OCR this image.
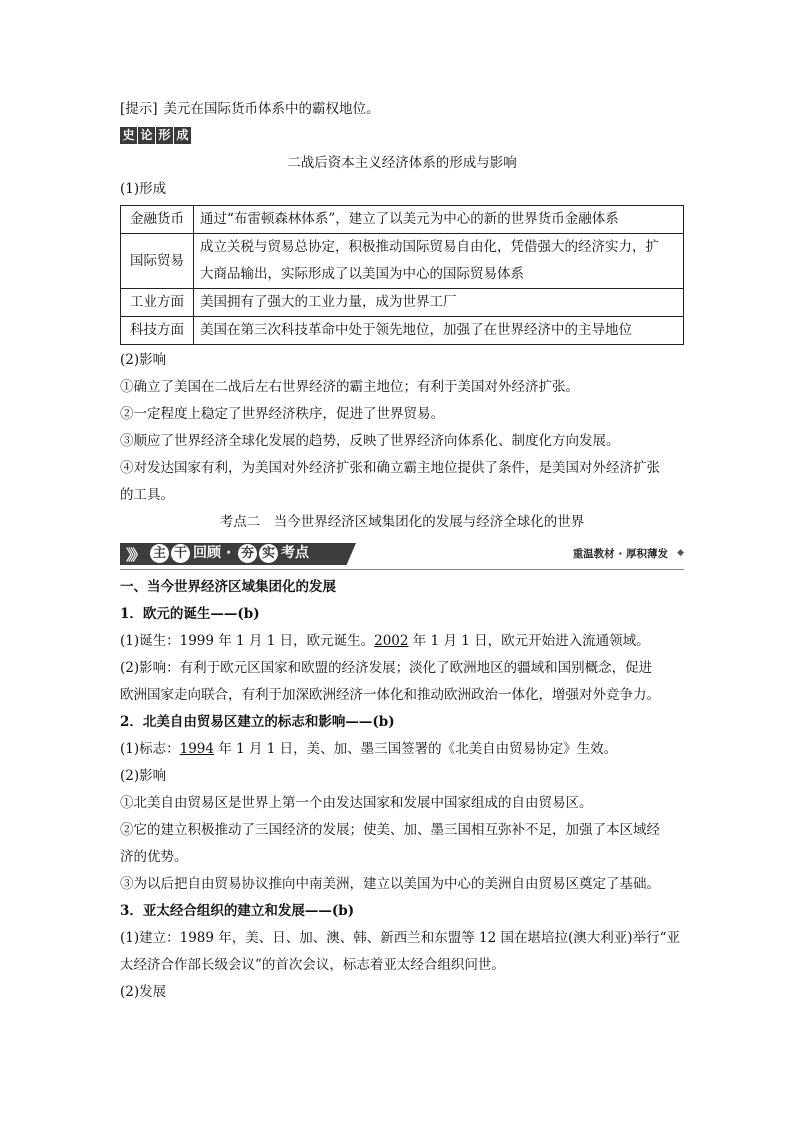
[提示] 美元在国际货币体系中的霸权地位。
史 论 形 成
二战后资本主义经济体系的形成与影响
(1)形成
金融货币	通过“布雷顿森林体系”，建立了以美元为中心的新的世界货币金融体系
国际贸易	成立关税与贸易总协定，积极推动国际贸易自由化，凭借强大的经济实力，扩
大商品输出，实际形成了以美国为中心的国际贸易体系

工业方面	美国拥有了强大的工业力量，成为世界工厂
科技方面	美国在第三次科技革命中处于领先地位，加强了在世界经济中的主导地位
(2)影响
①确立了美国在二战后左右世界经济的霸主地位；有利于美国对外经济扩张。
②一定程度上稳定了世界经济秩序，促进了世界贸易。
③顺应了世界经济全球化发展的趋势，反映了世界经济向体系化、制度化方向发展。
④对发达国家有利，为美国对外经济扩张和确立霸主地位提供了条件，是美国对外经济扩张
的工具。
考点二　当今世界经济区域集团化的发展与经济全球化的世界
》》 主 干 回顾 · 夯 实 考点	重温教材 · 厚积薄发 ◆
一、当今世界经济区域集团化的发展
1．欧元的诞生——(b)
(1)诞生：1999 年 1 月 1 日，欧元诞生。2002 年 1 月 1 日，欧元开始进入流通领域。
(2)影响：有利于欧元区国家和欧盟的经济发展；淡化了欧洲地区的疆域和国别概念，促进
欧洲国家走向联合，有利于加深欧洲经济一体化和推动欧洲政治一体化，增强对外竞争力。
2．北美自由贸易区建立的标志和影响——(b)
(1)标志：1994 年 1 月 1 日，美、加、墨三国签署的《北美自由贸易协定》生效。
(2)影响
①北美自由贸易区是世界上第一个由发达国家和发展中国家组成的自由贸易区。
②它的建立积极推动了三国经济的发展；使美、加、墨三国相互弥补不足，加强了本区域经
济的优势。
③为以后把自由贸易协议推向中南美洲，建立以美国为中心的美洲自由贸易区奠定了基础。
3．亚太经合组织的建立和发展——(b)
(1)建立：1989 年，美、日、加、澳、韩、新西兰和东盟等 12 国在堪培拉(澳大利亚)举行“亚
太经济合作部长级会议”的首次会议，标志着亚太经合组织问世。
(2)发展
